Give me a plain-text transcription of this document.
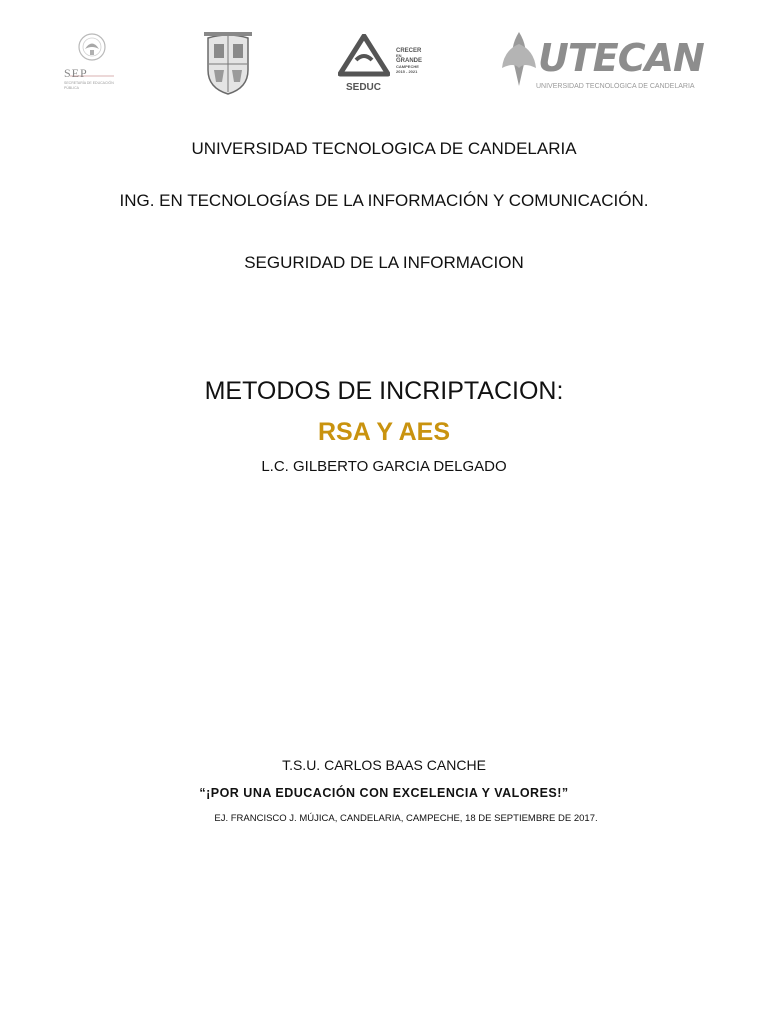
SEP
SECRETARÍA DE EDUCACIÓN PÚBLICA	SEDUC
CRECER
EN
GRANDE
CAMPECHE
2015 - 2021	UTECAN
UNIVERSIDAD TECNOLÓGICA DE CANDELARIA
UNIVERSIDAD TECNOLOGICA DE CANDELARIA
ING. EN TECNOLOGÍAS DE LA INFORMACIÓN Y COMUNICACIÓN.
SEGURIDAD DE LA INFORMACION
METODOS DE INCRIPTACION:
RSA Y AES
L.C. GILBERTO GARCIA DELGADO
T.S.U. CARLOS BAAS CANCHE
“¡POR UNA EDUCACIÓN CON EXCELENCIA Y VALORES!”
EJ. FRANCISCO J. MÚJICA, CANDELARIA, CAMPECHE, 18 DE SEPTIEMBRE DE 2017.
